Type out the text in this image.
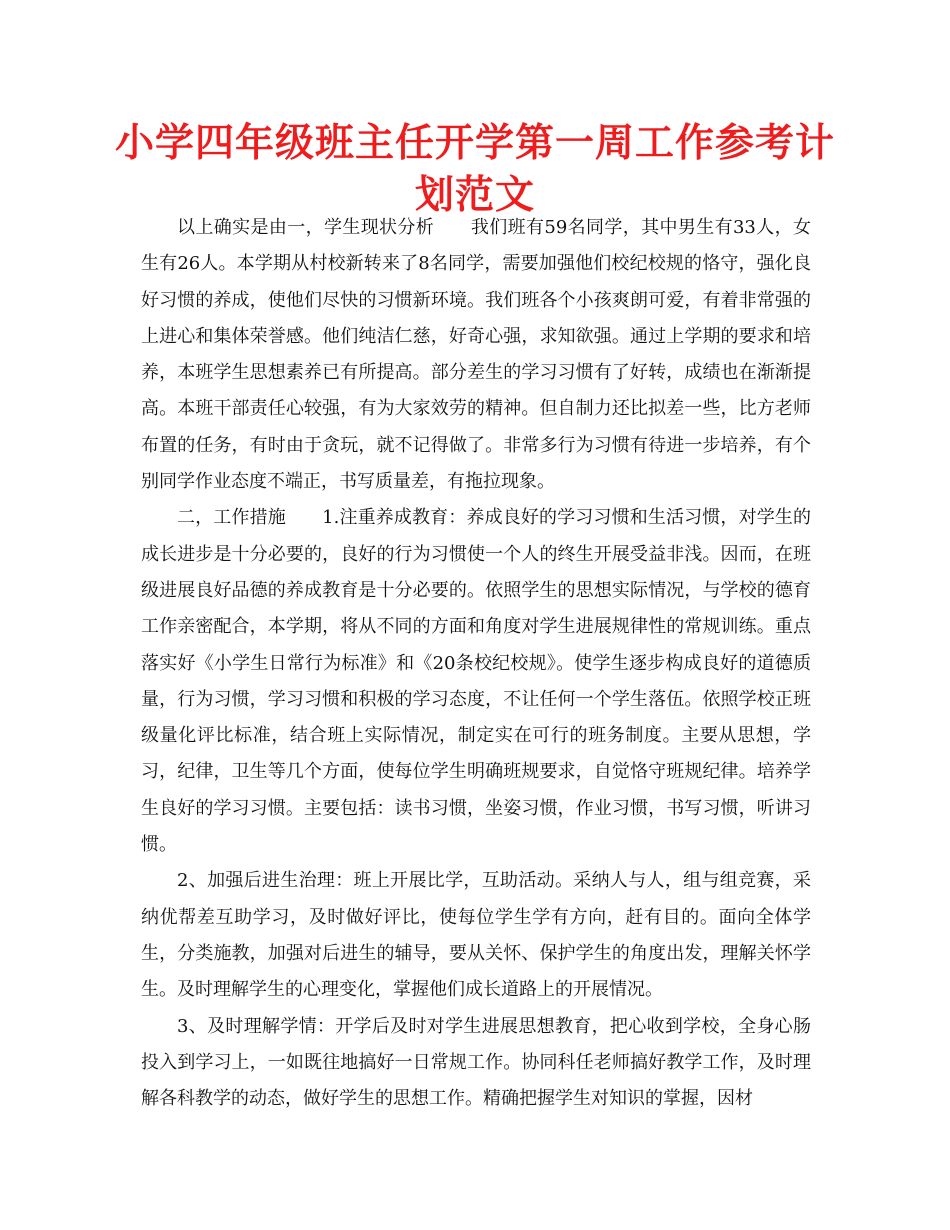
小学四年级班主任开学第一周工作参考计划范文

以上确实是由一，学生现状分析　　我们班有59名同学，其中男生有33人，女生有26人。本学期从村校新转来了8名同学，需要加强他们校纪校规的恪守，强化良好习惯的养成，使他们尽快的习惯新环境。我们班各个小孩爽朗可爱，有着非常强的上进心和集体荣誉感。他们纯洁仁慈，好奇心强，求知欲强。通过上学期的要求和培养，本班学生思想素养已有所提高。部分差生的学习习惯有了好转，成绩也在渐渐提高。本班干部责任心较强，有为大家效劳的精神。但自制力还比拟差一些，比方老师布置的任务，有时由于贪玩，就不记得做了。非常多行为习惯有待进一步培养，有个别同学作业态度不端正，书写质量差，有拖拉现象。

二，工作措施　　1.注重养成教育：养成良好的学习习惯和生活习惯，对学生的成长进步是十分必要的，良好的行为习惯使一个人的终生开展受益非浅。因而，在班级进展良好品德的养成教育是十分必要的。依照学生的思想实际情况，与学校的德育工作亲密配合，本学期，将从不同的方面和角度对学生进展规律性的常规训练。重点落实好《小学生日常行为标准》和《20条校纪校规》。使学生逐步构成良好的道德质量，行为习惯，学习习惯和积极的学习态度，不让任何一个学生落伍。依照学校正班级量化评比标准，结合班上实际情况，制定实在可行的班务制度。主要从思想，学习，纪律，卫生等几个方面，使每位学生明确班规要求，自觉恪守班规纪律。培养学生良好的学习习惯。主要包括：读书习惯，坐姿习惯，作业习惯，书写习惯，听讲习惯。

2、加强后进生治理：班上开展比学，互助活动。采纳人与人，组与组竞赛，采纳优帮差互助学习，及时做好评比，使每位学生学有方向，赶有目的。面向全体学生，分类施教，加强对后进生的辅导，要从关怀、保护学生的角度出发，理解关怀学生。及时理解学生的心理变化，掌握他们成长道路上的开展情况。

3、及时理解学情：开学后及时对学生进展思想教育，把心收到学校，全身心肠投入到学习上，一如既往地搞好一日常规工作。协同科任老师搞好教学工作，及时理解各科教学的动态，做好学生的思想工作。精确把握学生对知识的掌握，因材
